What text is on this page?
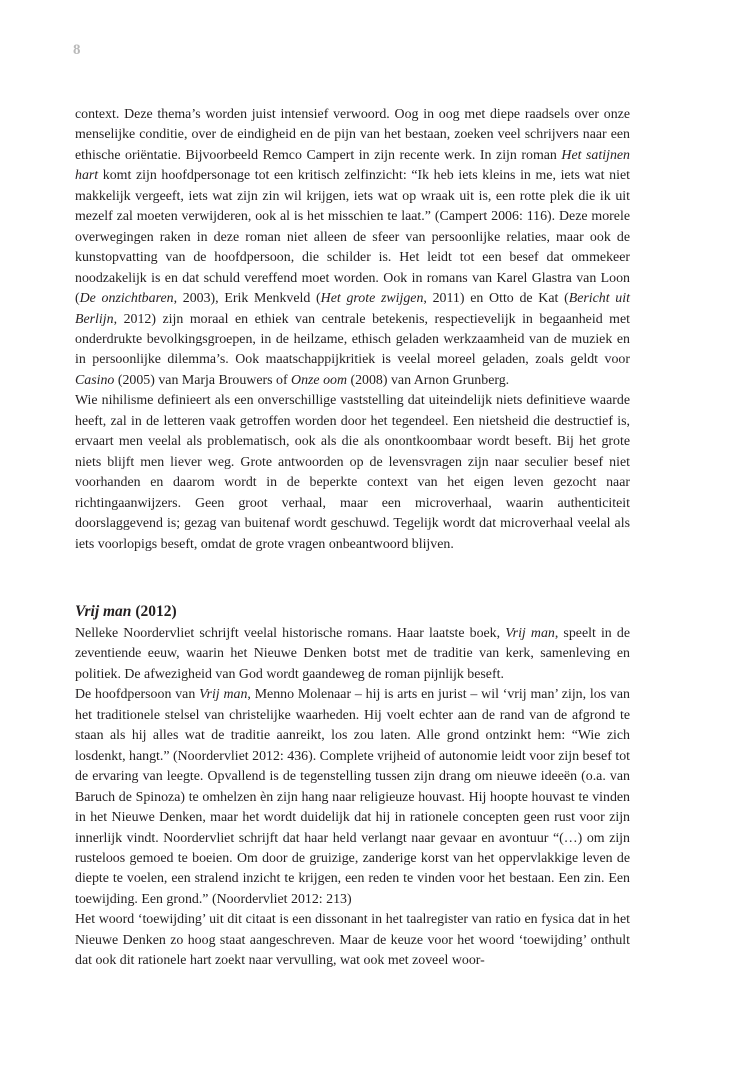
8

context. Deze thema’s worden juist intensief verwoord. Oog in oog met diepe raadsels over onze menselijke conditie, over de eindigheid en de pijn van het bestaan, zoeken veel schrijvers naar een ethische oriëntatie. Bijvoorbeeld Remco Campert in zijn recente werk. In zijn roman Het satijnen hart komt zijn hoofdpersonage tot een kritisch zelfinzicht: “Ik heb iets kleins in me, iets wat niet makkelijk vergeeft, iets wat zijn zin wil krijgen, iets wat op wraak uit is, een rotte plek die ik uit mezelf zal moeten verwijderen, ook al is het misschien te laat.” (Campert 2006: 116). Deze morele overwegingen raken in deze roman niet alleen de sfeer van persoonlijke relaties, maar ook de kunstopvatting van de hoofdpersoon, die schilder is. Het leidt tot een besef dat ommekeer noodzakelijk is en dat schuld vereffend moet worden. Ook in romans van Karel Glastra van Loon (De onzichtbaren, 2003), Erik Menkveld (Het grote zwijgen, 2011) en Otto de Kat (Bericht uit Berlijn, 2012) zijn moraal en ethiek van centrale betekenis, respectievelijk in begaanheid met onderdrukte bevolkingsgroepen, in de heilzame, ethisch geladen werkzaamheid van de muziek en in persoonlijke dilemma’s. Ook maatschappijkritiek is veelal moreel geladen, zoals geldt voor Casino (2005) van Marja Brouwers of Onze oom (2008) van Arnon Grunberg.

Wie nihilisme definieert als een onverschillige vaststelling dat uiteindelijk niets definitieve waarde heeft, zal in de letteren vaak getroffen worden door het tegendeel. Een nietsheid die destructief is, ervaart men veelal als problematisch, ook als die als onontkoombaar wordt beseft. Bij het grote niets blijft men liever weg. Grote antwoorden op de levensvragen zijn naar seculier besef niet voorhanden en daarom wordt in de beperkte context van het eigen leven gezocht naar richtingaanwijzers. Geen groot verhaal, maar een microverhaal, waarin authenticiteit doorslaggevend is; gezag van buitenaf wordt geschuwd. Tegelijk wordt dat microverhaal veelal als iets voorlopigs beseft, omdat de grote vragen onbeantwoord blijven.

Vrij man (2012)

Nelleke Noordervliet schrijft veelal historische romans. Haar laatste boek, Vrij man, speelt in de zeventiende eeuw, waarin het Nieuwe Denken botst met de traditie van kerk, samenleving en politiek. De afwezigheid van God wordt gaandeweg de roman pijnlijk beseft.

De hoofdpersoon van Vrij man, Menno Molenaar – hij is arts en jurist – wil ‘vrij man’ zijn, los van het traditionele stelsel van christelijke waarheden. Hij voelt echter aan de rand van de afgrond te staan als hij alles wat de traditie aanreikt, los zou laten. Alle grond ontzinkt hem: “Wie zich losdenkt, hangt.” (Noordervliet 2012: 436). Complete vrijheid of autonomie leidt voor zijn besef tot de ervaring van leegte. Opvallend is de tegenstelling tussen zijn drang om nieuwe ideeën (o.a. van Baruch de Spinoza) te omhelzen èn zijn hang naar religieuze houvast. Hij hoopte houvast te vinden in het Nieuwe Denken, maar het wordt duidelijk dat hij in rationele concepten geen rust voor zijn innerlijk vindt. Noordervliet schrijft dat haar held verlangt naar gevaar en avontuur “(…) om zijn rusteloos gemoed te boeien. Om door de gruizige, zanderige korst van het oppervlakkige leven de diepte te voelen, een stralend inzicht te krijgen, een reden te vinden voor het bestaan. Een zin. Een toewijding. Een grond.” (Noordervliet 2012: 213)

Het woord ‘toewijding’ uit dit citaat is een dissonant in het taalregister van ratio en fysica dat in het Nieuwe Denken zo hoog staat aangeschreven. Maar de keuze voor het woord ‘toewijding’ onthult dat ook dit rationele hart zoekt naar vervulling, wat ook met zoveel woor-
